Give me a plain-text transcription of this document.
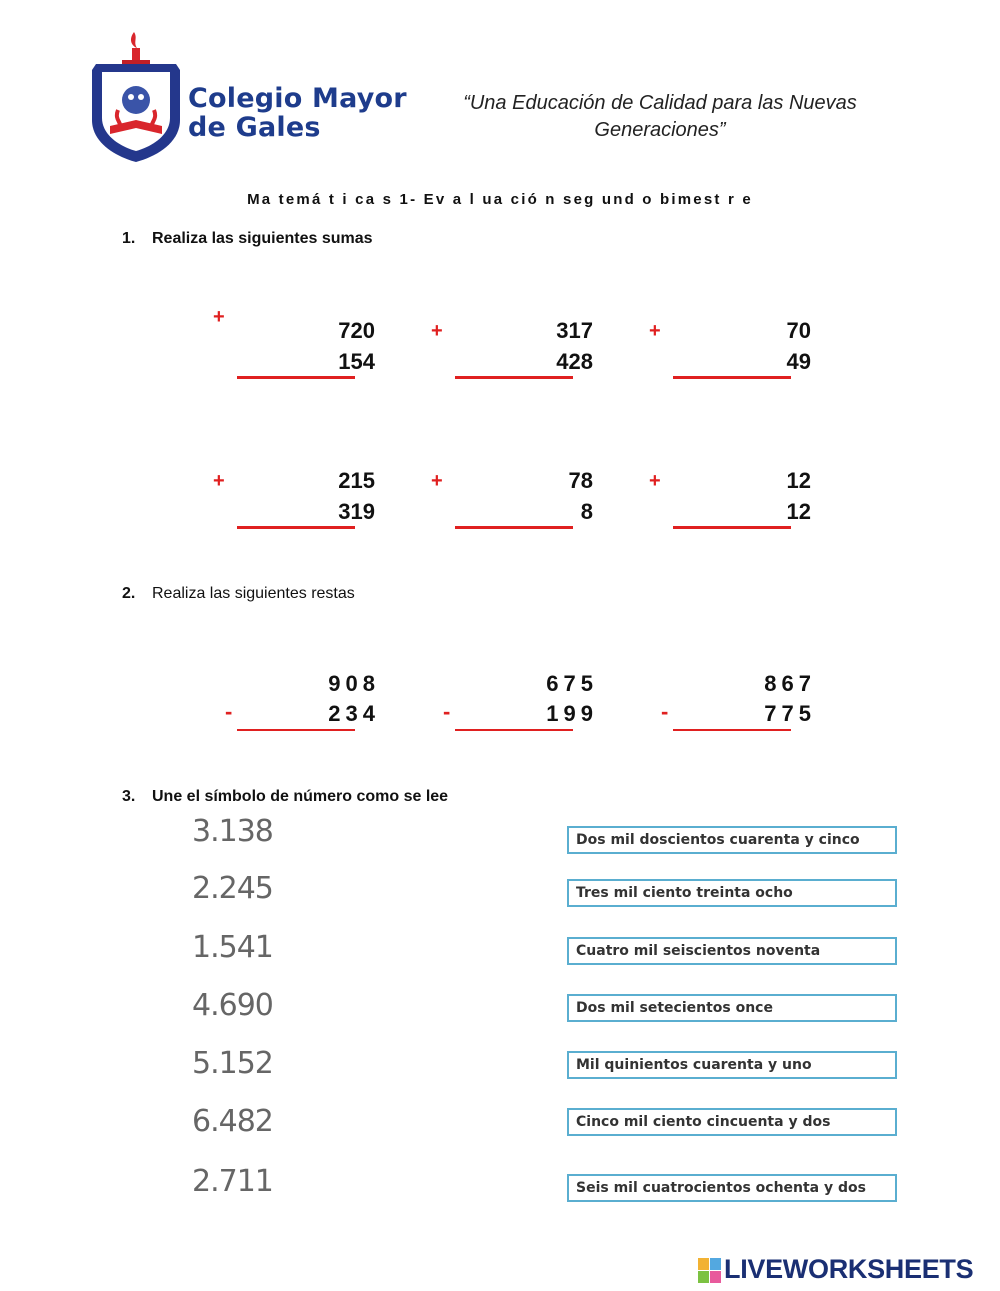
Colegio Mayor
de Gales
“Una Educación de Calidad para las Nuevas
Generaciones”
Ma temá t i ca s 1- Ev a l ua ció n seg und o bimest r e
1. Realiza las siguientes sumas
+
720
154
+	317
428
+	70
49
+	215
319
+	78
8
+	12
12
2. Realiza las siguientes restas
908
-	234
675
-	199
867
-	775
3. Une el símbolo de número como se lee
3.138
2.245
1.541
4.690
5.152
6.482
2.711
Dos mil doscientos cuarenta y cinco
Tres mil ciento treinta ocho
Cuatro mil seiscientos noventa
Dos mil setecientos once
Mil quinientos cuarenta y uno
Cinco mil ciento cincuenta y dos
Seis mil cuatrocientos ochenta y dos
LIVEWORKSHEETS
